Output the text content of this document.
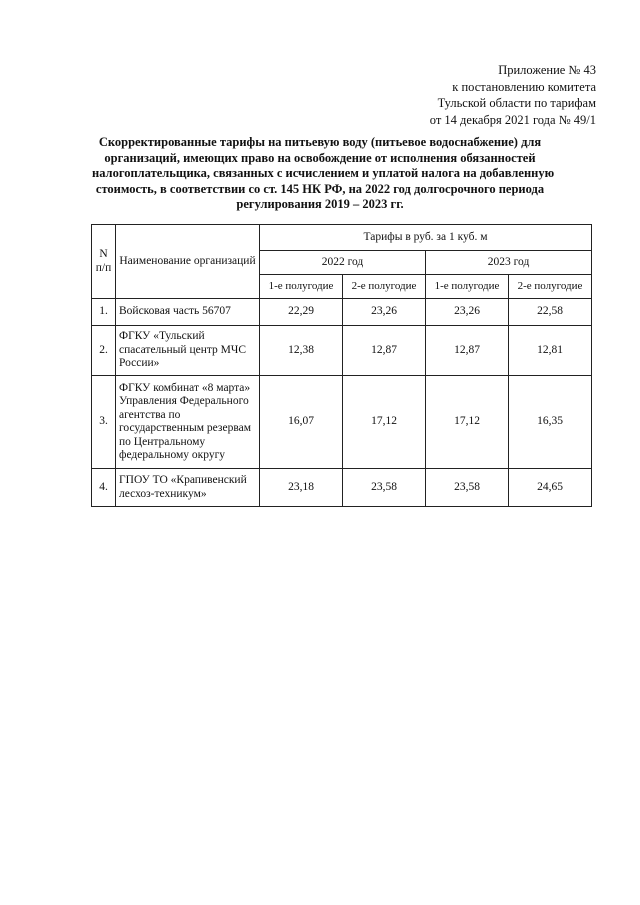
Приложение № 43
к постановлению комитета
Тульской области по тарифам
от 14 декабря 2021 года № 49/1
Скорректированные тарифы на питьевую воду (питьевое водоснабжение) для
организаций, имеющих право на освобождение от исполнения обязанностей
налогоплательщика, связанных с исчислением и уплатой налога на добавленную
стоимость, в соответствии со ст. 145 НК РФ, на 2022 год долгосрочного периода
регулирования 2019 – 2023 гг.
N п/п	Наименование организаций	Тарифы в руб. за 1 куб. м			
		2022 год		2023 год	
		1-е полугодие	2-е полугодие	1-е полугодие	2-е полугодие
1.	Войсковая часть 56707	22,29	23,26	23,26	22,58
2.	ФГКУ «Тульский спасательный центр МЧС России»	12,38	12,87	12,87	12,81
3.	ФГКУ комбинат «8 марта» Управления Федерального агентства по государственным резервам по Центральному федеральному округу	16,07	17,12	17,12	16,35
4.	ГПОУ ТО «Крапивенский лесхоз-техникум»	23,18	23,58	23,58	24,65
